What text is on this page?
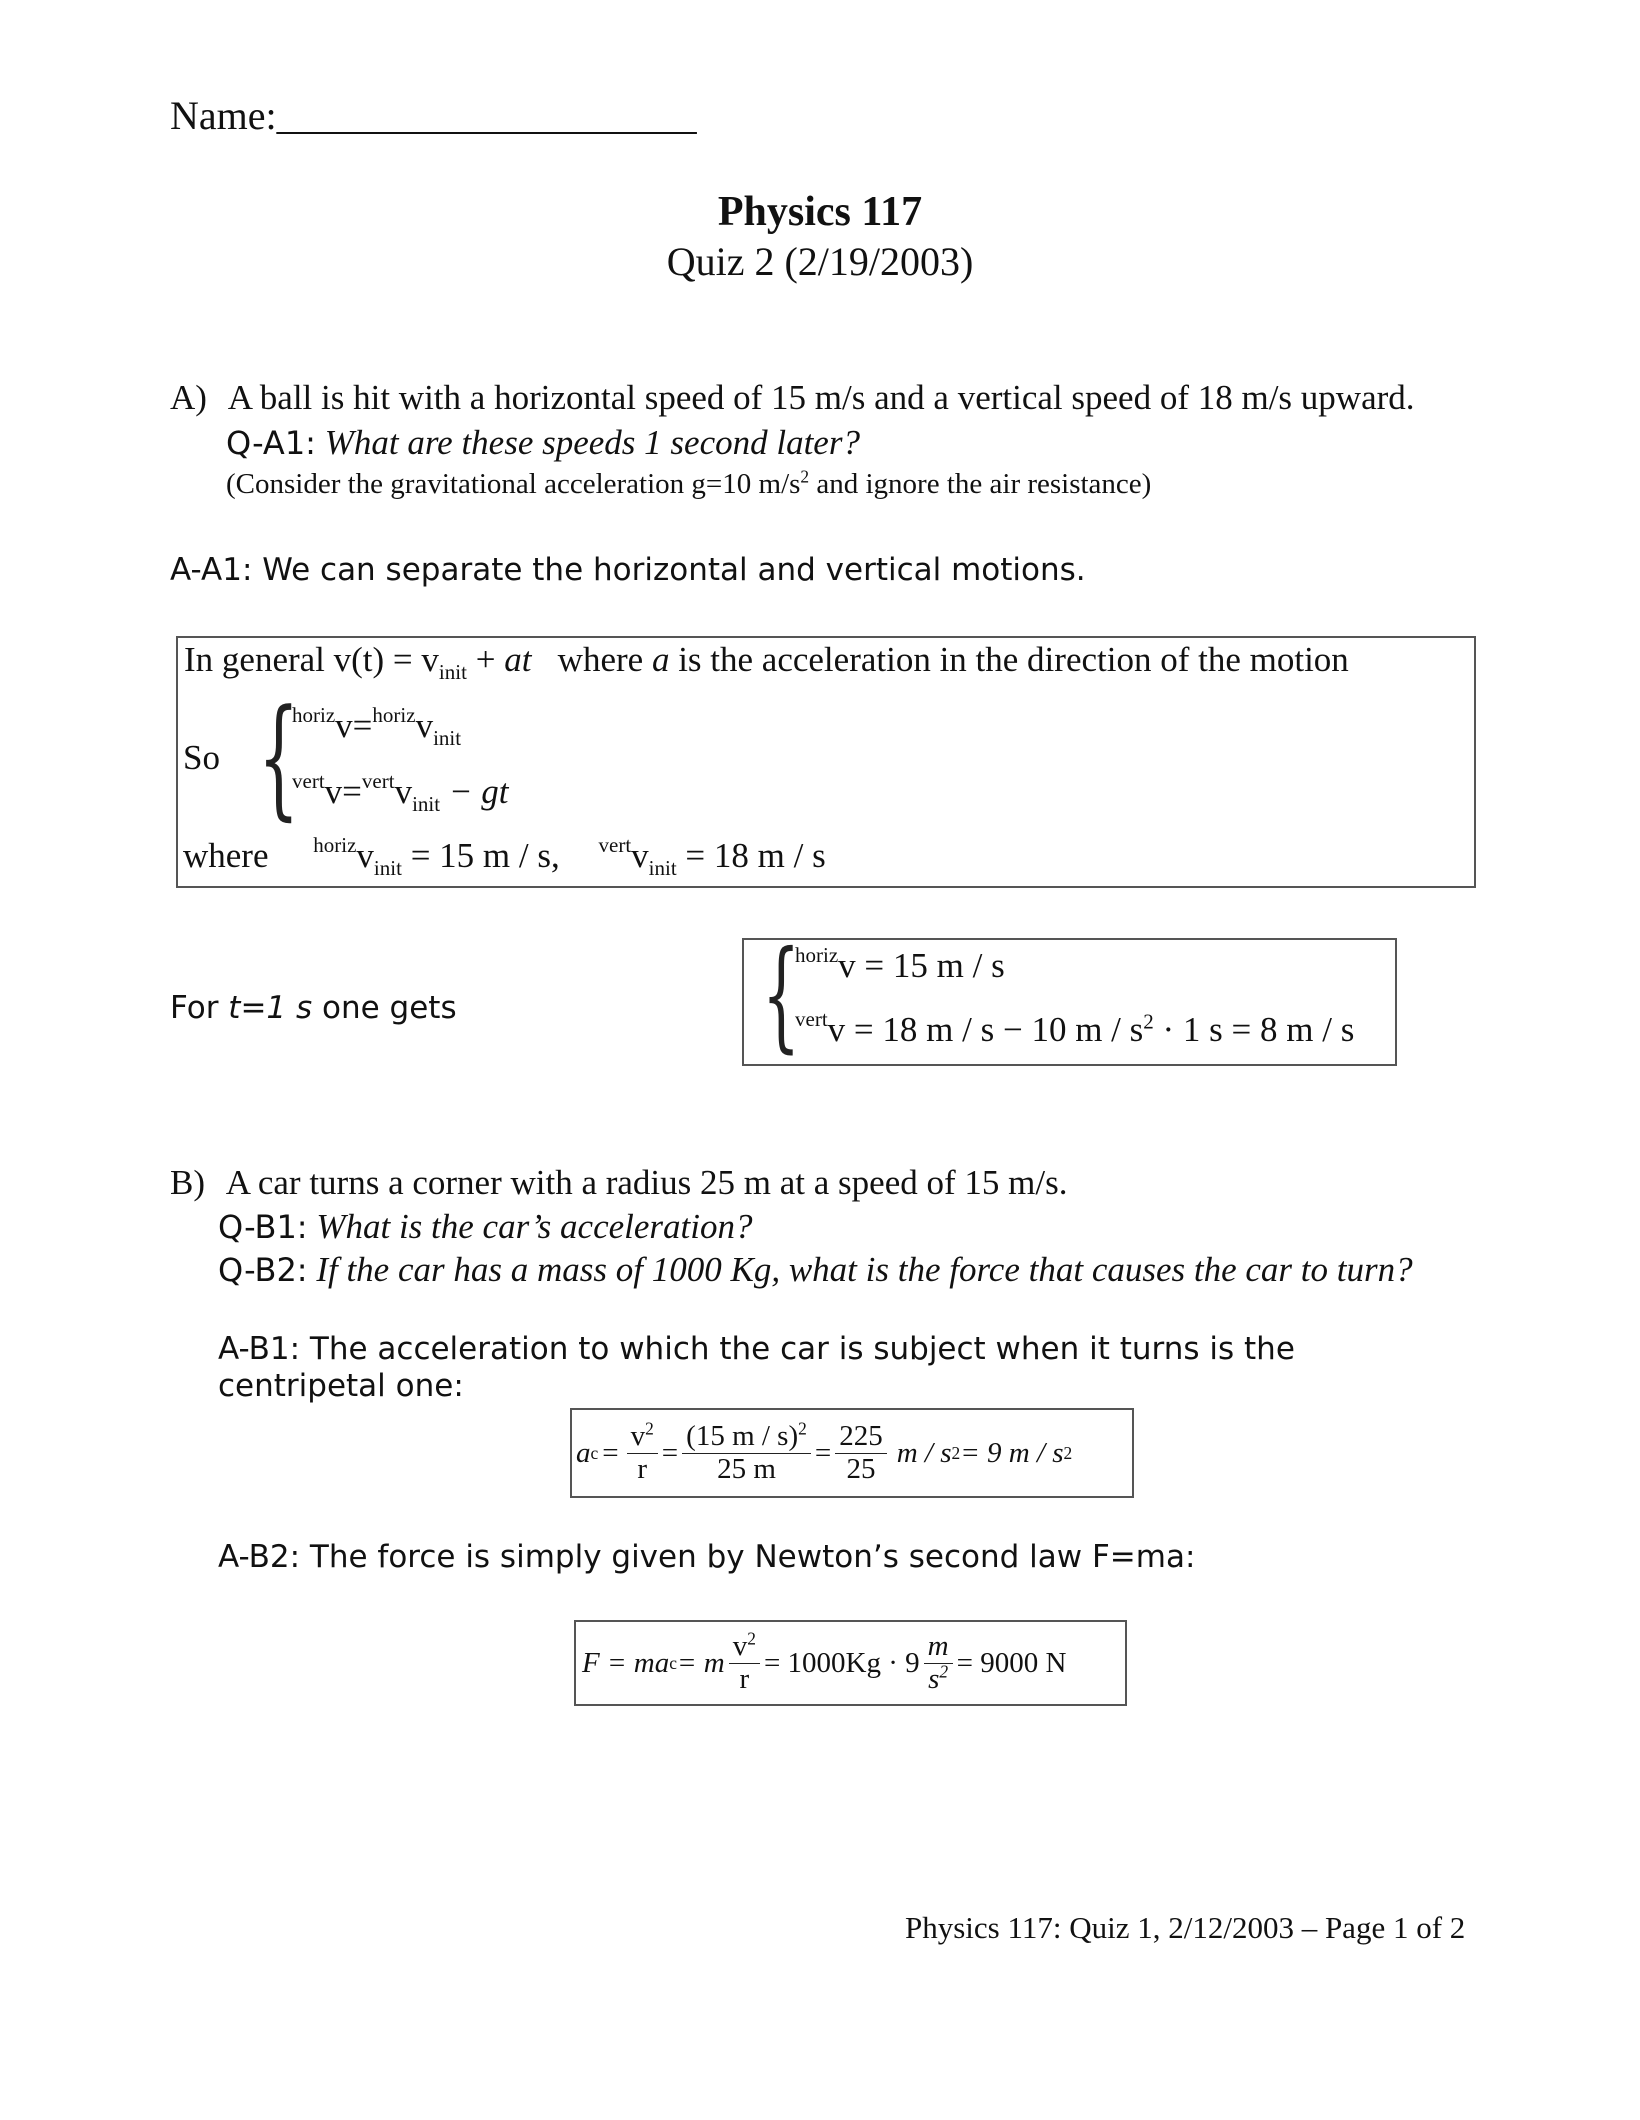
Name:_____________________
Physics 117
Quiz 2 (2/19/2003)
A) A ball is hit with a horizontal speed of 15 m/s and a vertical speed of 18 m/s upward.
Q-A1: What are these speeds 1 second later?
(Consider the gravitational acceleration g=10 $m/s^2$ and ignore the air resistance)
A-A1: We can separate the horizontal and vertical motions.
In general $v(t) = v_{init}$ + at   where a is the acceleration in the direction of the motion
So {
$^{horiz}v=^{horiz}v_{init}$
$^{vert}v=^{vert}v_{init}$ − gt
where $^{horiz}v_{init} = 15$ m / s, $^{vert}v_{init} = 18$ m / s
For t=1 s one gets	{
$^{horiz}$v = 15 m / s
$^{vert}$v = 18 m / s − 10 $m / s^2 \cdot 1$ s = 8 m / s
B) A car turns a corner with a radius 25 m at a speed of 15 m/s.
Q-B1: What is the car’s acceleration?
Q-B2: If the car has a mass of 1000 Kg, what is the force that causes the car to turn?
A-B1: The acceleration to which the car is subject when it turns is the
centripetal one:
a $c = \frac{v^2}{r} = \frac{(15 m / s)^2}{25 m} = \frac{225}{25}$ m / s 2 = 9 m / s 2
A-B2: The force is simply given by Newton’s second law F=ma:
F = ma c = m $\frac{v^2}{r} = 1000Kg \cdot 9 \frac{m}{s^2} = 9000$ N
Physics 117: Quiz 1, 2/12/2003 – Page 1 of 2
